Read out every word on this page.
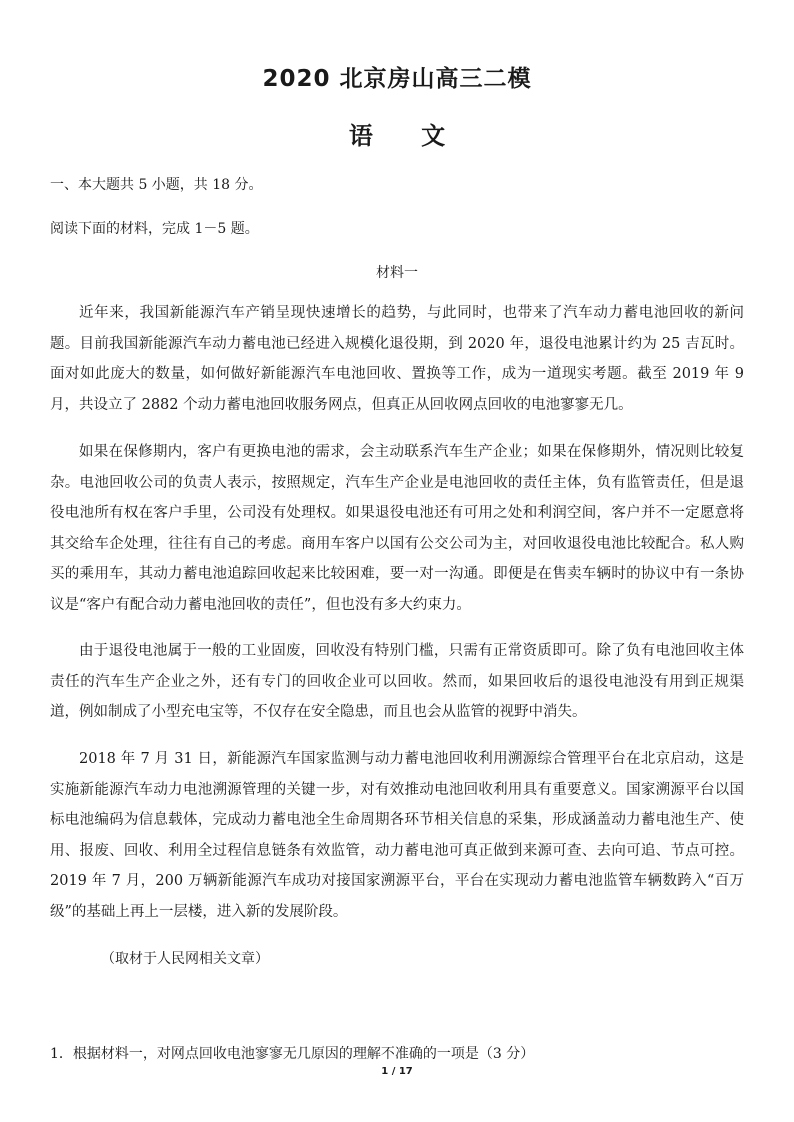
2020 北京房山高三二模
语 文
一、本大题共 5 小题，共 18 分。
阅读下面的材料，完成 1－5 题。
材料一

近年来，我国新能源汽车产销呈现快速增长的趋势，与此同时，也带来了汽车动力蓄电池回收的新问题。目前我国新能源汽车动力蓄电池已经进入规模化退役期，到 2020 年，退役电池累计约为 25 吉瓦时。面对如此庞大的数量，如何做好新能源汽车电池回收、置换等工作，成为一道现实考题。截至 2019 年 9 月，共设立了 2882 个动力蓄电池回收服务网点，但真正从回收网点回收的电池寥寥无几。

如果在保修期内，客户有更换电池的需求，会主动联系汽车生产企业；如果在保修期外，情况则比较复杂。电池回收公司的负责人表示，按照规定，汽车生产企业是电池回收的责任主体，负有监管责任，但是退役电池所有权在客户手里，公司没有处理权。如果退役电池还有可用之处和利润空间，客户并不一定愿意将其交给车企处理，往往有自己的考虑。商用车客户以国有公交公司为主，对回收退役电池比较配合。私人购买的乘用车，其动力蓄电池追踪回收起来比较困难，要一对一沟通。即便是在售卖车辆时的协议中有一条协议是“客户有配合动力蓄电池回收的责任”，但也没有多大约束力。

由于退役电池属于一般的工业固废，回收没有特别门槛，只需有正常资质即可。除了负有电池回收主体责任的汽车生产企业之外，还有专门的回收企业可以回收。然而，如果回收后的退役电池没有用到正规渠道，例如制成了小型充电宝等，不仅存在安全隐患，而且也会从监管的视野中消失。

2018 年 7 月 31 日，新能源汽车国家监测与动力蓄电池回收利用溯源综合管理平台在北京启动，这是实施新能源汽车动力电池溯源管理的关键一步，对有效推动电池回收利用具有重要意义。国家溯源平台以国标电池编码为信息载体，完成动力蓄电池全生命周期各环节相关信息的采集，形成涵盖动力蓄电池生产、使用、报废、回收、利用全过程信息链条有效监管，动力蓄电池可真正做到来源可查、去向可追、节点可控。2019 年 7 月，200 万辆新能源汽车成功对接国家溯源平台，平台在实现动力蓄电池监管车辆数跨入“百万级”的基础上再上一层楼，进入新的发展阶段。

（取材于人民网相关文章）
1．根据材料一，对网点回收电池寥寥无几原因的理解不准确的一项是（3 分）
1 / 17
